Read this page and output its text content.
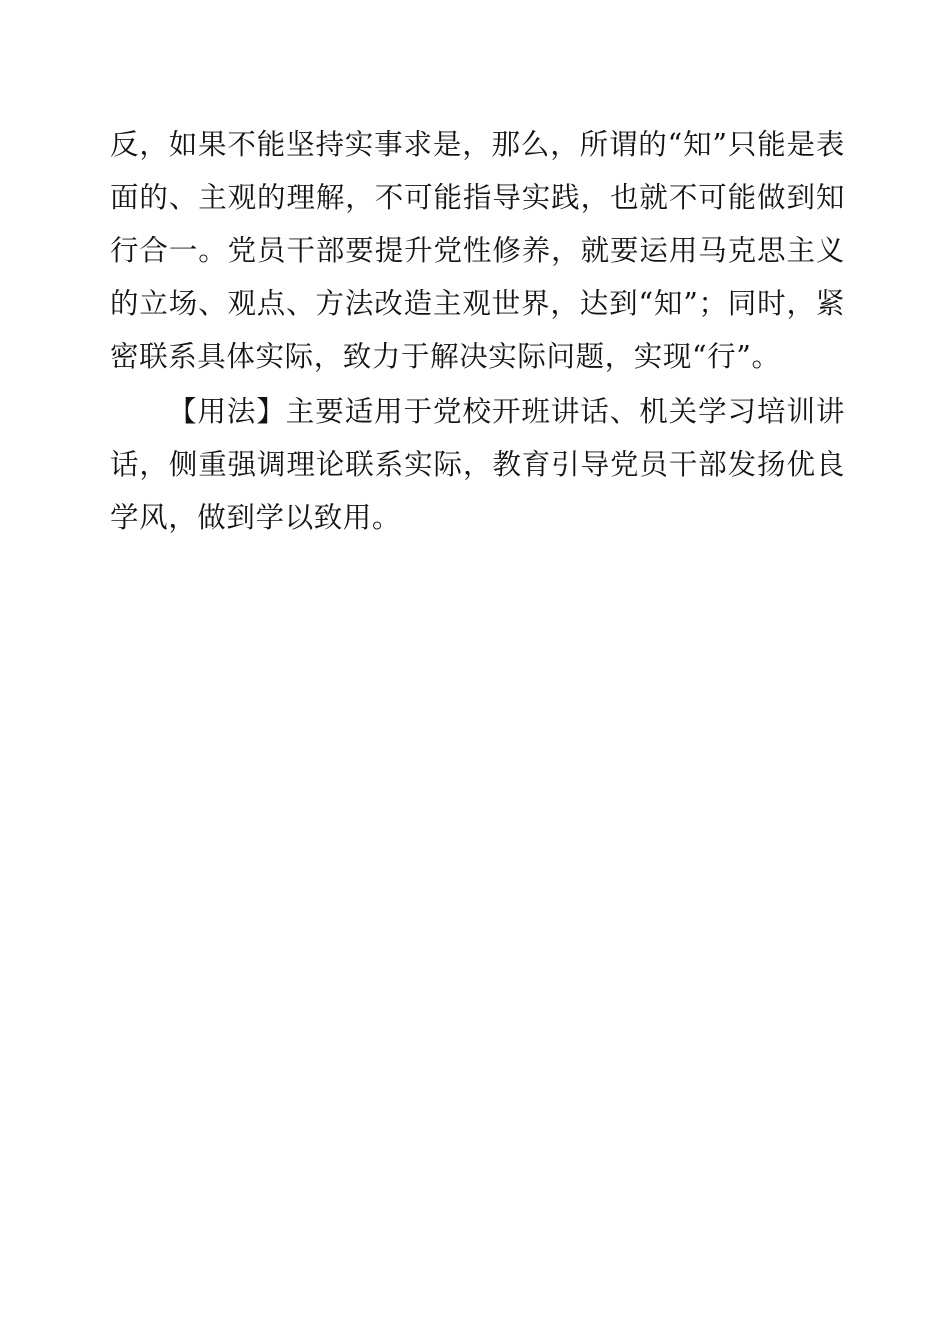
反，如果不能坚持实事求是，那么，所谓的“知”只能是表面的、主观的理解，不可能指导实践，也就不可能做到知行合一。党员干部要提升党性修养，就要运用马克思主义的立场、观点、方法改造主观世界，达到“知”；同时，紧密联系具体实际，致力于解决实际问题，实现“行”。

【用法】主要适用于党校开班讲话、机关学习培训讲话，侧重强调理论联系实际，教育引导党员干部发扬优良学风，做到学以致用。
